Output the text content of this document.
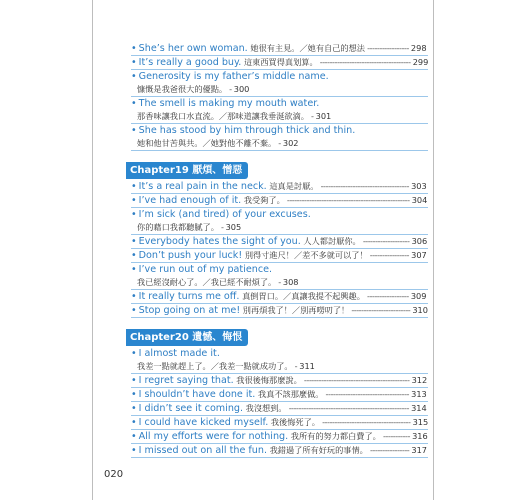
• She’s her own woman. 她很有主見。／她有自己的想法 ----------------- 298
• It’s really a good buy. 這東西買得真划算。 ------------------------------------- 299
• Generosity is my father’s middle name.
慷慨是我爸很大的優點。 - 300
• The smell is making my mouth water.
那香味讓我口水直流。／那味道讓我垂涎欲滴。 - 301
• She has stood by him through thick and thin.
她和他甘苦與共。／她對他不離不棄。 - 302
Chapter19 厭煩、憎惡
• It’s a real pain in the neck. 這真是討厭。 ------------------------------------ 303
• I’ve had enough of it. 我受夠了。 -------------------------------------------------- 304
• I’m sick (and tired) of your excuses.
你的藉口我都聽膩了。 - 305
• Everybody hates the sight of you. 人人都討厭你。 ------------------- 306
• Don’t push your luck! 別得寸進尺！／差不多就可以了！ ---------------- 307
• I’ve run out of my patience.
我已經沒耐心了。／我已經不耐煩了。 - 308
• It really turns me off. 真倒胃口。／真讓我提不起興趣。 ----------------- 309
• Stop going on at me! 別再煩我了！／別再嘮叨了！ ------------------------ 310
Chapter20 遺憾、悔恨
• I almost made it.
我差一點就趕上了。／我差一點就成功了。 - 311
• I regret saying that. 我很後悔那麼說。 ------------------------------------------- 312
• I shouldn’t have done it. 我真不該那麼做。 ---------------------------------- 313
• I didn’t see it coming. 我沒想到。 ------------------------------------------------- 314
• I could have kicked myself. 我後悔死了。 ------------------------------------ 315
• All my efforts were for nothing. 我所有的努力都白費了。 ----------- 316
• I missed out on all the fun. 我錯過了所有好玩的事情。 ---------------- 317
020
